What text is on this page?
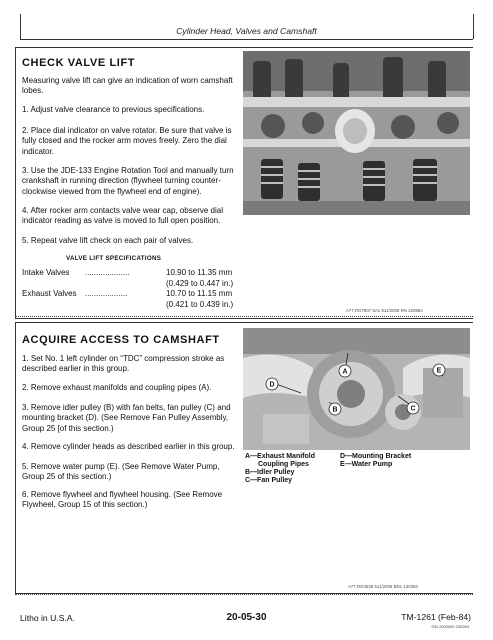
Cylinder Head, Valves and Camshaft
CHECK VALVE LIFT
Measuring valve lift can give an indication of worn camshaft lobes.
1. Adjust valve clearance to previous specifications.
2. Place dial indicator on valve rotator. Be sure that valve is fully closed and the rocker arm moves freely. Zero the dial indicator.
3. Use the JDE-133 Engine Rotation Tool and manually turn crankshaft in running direction (flywheel turning counter-clockwise viewed from the flywheel end of engine).
4. After rocker arm contacts valve wear cap, observe dial indicator reading as valve is moved to full open position.
5. Repeat valve lift check on each pair of valves.
VALVE LIFT SPECIFICATIONS
Intake Valves ....................	10.90 to 11.35 mm
(0.429 to 0.447 in.)
Exhaust Valves ...................	10.70 to 11.15 mm
(0.421 to 0.439 in.)
A77,RG7807 5A1 511/2005 RN 220884
ACQUIRE ACCESS TO CAMSHAFT
1. Set No. 1 left cylinder on “TDC” compression stroke as described earlier in this group.
2. Remove exhaust manifolds and coupling pipes (A).
3. Remove idler pulley (B) with fan belts, fan pulley (C) and mounting bracket (D). (See Remove Fan Pulley Assembly, Group 25 [of this section.)
4. Remove cylinder heads as described earlier in this group.
5. Remove water pump (E). (See Remove Water Pump, Group 25 of this section.)
6. Remove flywheel and flywheel housing. (See Remove Flywheel, Group 15 of this section.)
A
B	C
D
E
A—Exhaust Manifold
Coupling Pipes
B—Idler Pulley
C—Fan Pulley
D—Mounting Bracket
E—Water Pump
A77,RG3538 511/2005 BN1 130284
Litho in U.S.A.	20-05-30	TM-1261 (Feb-84)
S/N 2003000 230284
